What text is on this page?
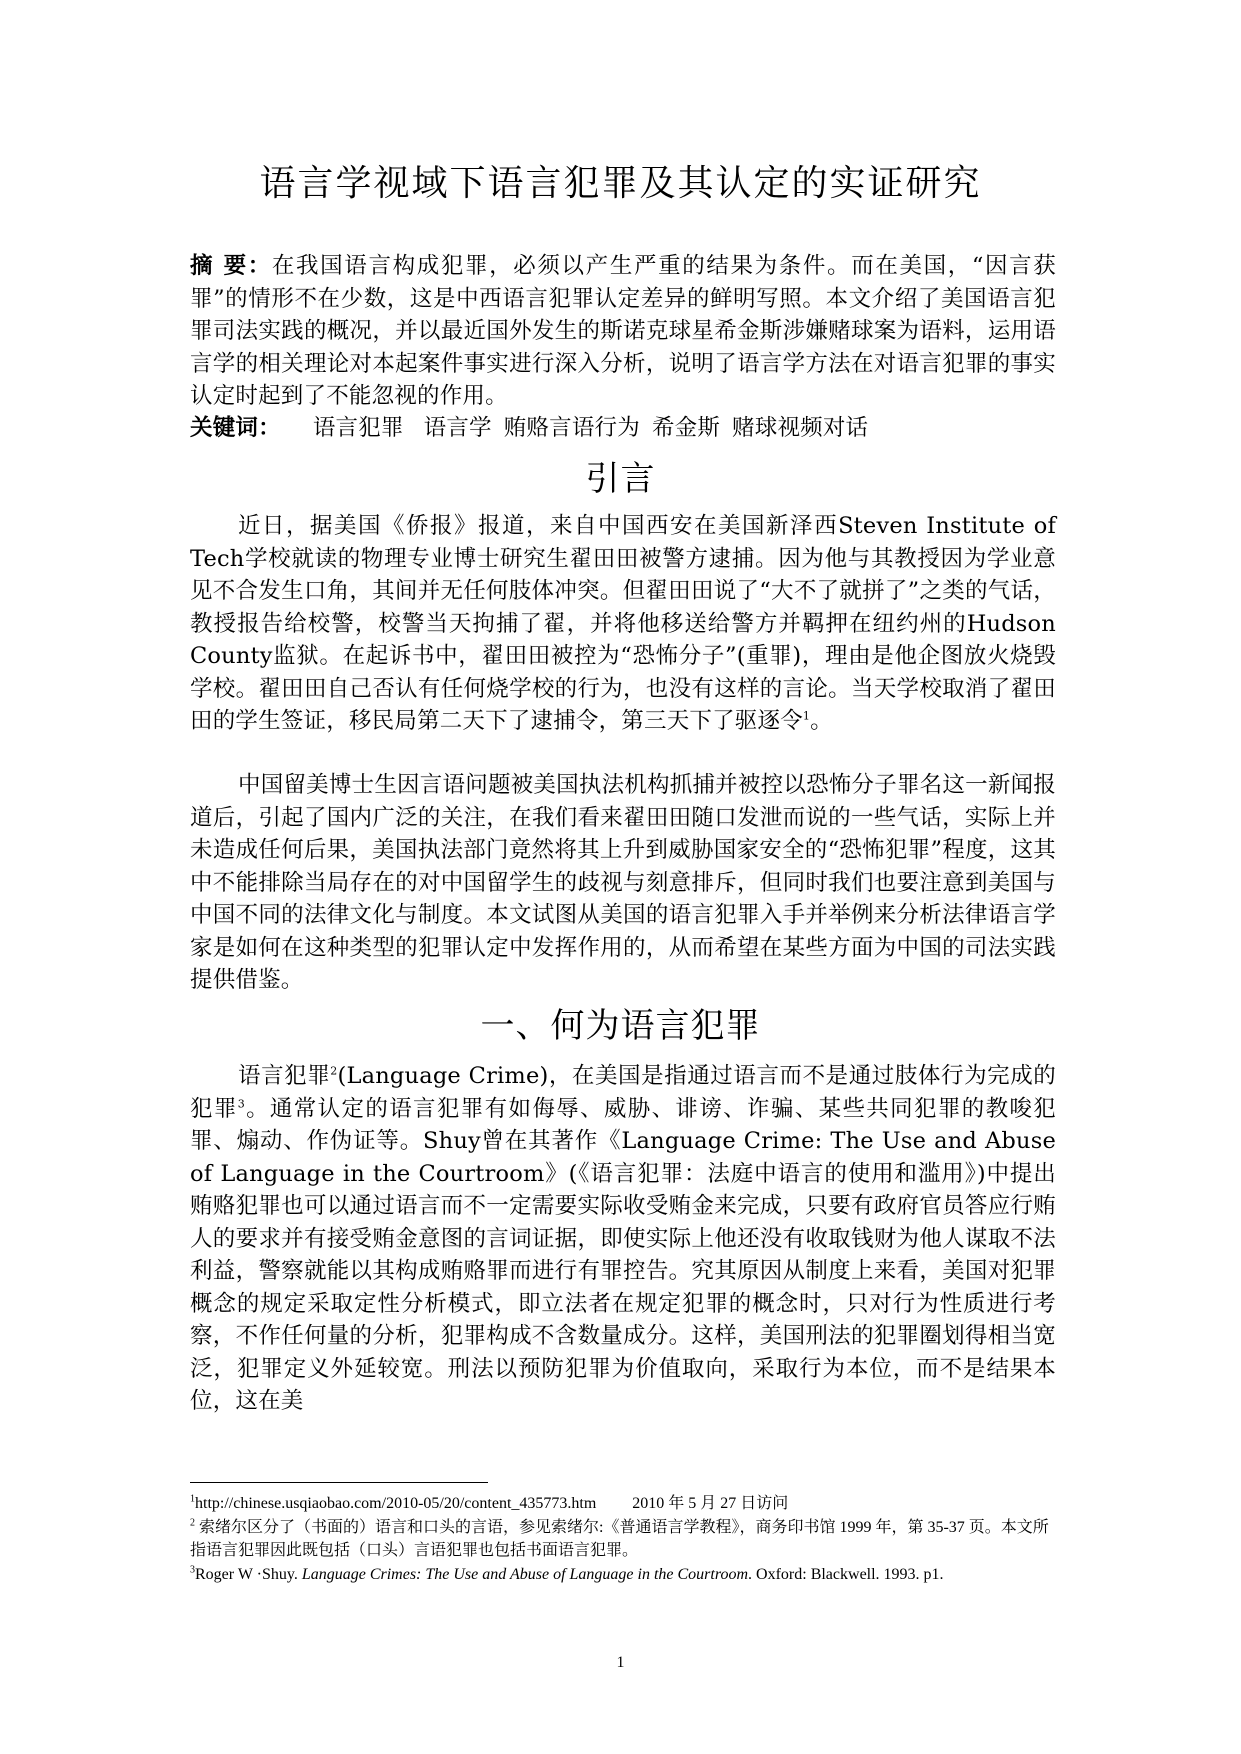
语言学视域下语言犯罪及其认定的实证研究

摘 要：在我国语言构成犯罪，必须以产生严重的结果为条件。而在美国，“因言获罪”的情形不在少数，这是中西语言犯罪认定差异的鲜明写照。本文介绍了美国语言犯罪司法实践的概况，并以最近国外发生的斯诺克球星希金斯涉嫌赌球案为语料，运用语言学的相关理论对本起案件事实进行深入分析，说明了语言学方法在对语言犯罪的事实认定时起到了不能忽视的作用。

关键词： 语言犯罪 语言学 贿赂言语行为 希金斯 赌球视频对话

引言

近日，据美国《侨报》报道，来自中国西安在美国新泽西Steven Institute of Tech学校就读的物理专业博士研究生翟田田被警方逮捕。因为他与其教授因为学业意见不合发生口角，其间并无任何肢体冲突。但翟田田说了“大不了就拼了”之类的气话，教授报告给校警，校警当天拘捕了翟，并将他移送给警方并羁押在纽约州的Hudson County监狱。在起诉书中，翟田田被控为“恐怖分子”(重罪)，理由是他企图放火烧毁学校。翟田田自己否认有任何烧学校的行为，也没有这样的言论。当天学校取消了翟田田的学生签证，移民局第二天下了逮捕令，第三天下了驱逐令$^1$。

中国留美博士生因言语问题被美国执法机构抓捕并被控以恐怖分子罪名这一新闻报道后，引起了国内广泛的关注，在我们看来翟田田随口发泄而说的一些气话，实际上并未造成任何后果，美国执法部门竟然将其上升到威胁国家安全的“恐怖犯罪”程度，这其中不能排除当局存在的对中国留学生的歧视与刻意排斥，但同时我们也要注意到美国与中国不同的法律文化与制度。本文试图从美国的语言犯罪入手并举例来分析法律语言学家是如何在这种类型的犯罪认定中发挥作用的，从而希望在某些方面为中国的司法实践提供借鉴。

一、何为语言犯罪

语言犯罪$^2$(Language Crime)，在美国是指通过语言而不是通过肢体行为完成的犯罪$^3$。通常认定的语言犯罪有如侮辱、威胁、诽谤、诈骗、某些共同犯罪的教唆犯罪、煽动、作伪证等。Shuy曾在其著作《Language Crime: The Use and Abuse of Language in the Courtroom》(《语言犯罪：法庭中语言的使用和滥用》)中提出贿赂犯罪也可以通过语言而不一定需要实际收受贿金来完成，只要有政府官员答应行贿人的要求并有接受贿金意图的言词证据，即使实际上他还没有收取钱财为他人谋取不法利益，警察就能以其构成贿赂罪而进行有罪控告。究其原因从制度上来看，美国对犯罪概念的规定采取定性分析模式，即立法者在规定犯罪的概念时，只对行为性质进行考察，不作任何量的分析，犯罪构成不含数量成分。这样，美国刑法的犯罪圈划得相当宽泛，犯罪定义外延较宽。刑法以预防犯罪为价值取向，采取行为本位，而不是结果本位，这在美

$^1$http://chinese.usqiaobao.com/2010-05/20/content_435773.htm 2010 年 5 月 27 日访问

$^2$ 索绪尔区分了（书面的）语言和口头的言语，参见索绪尔:《普通语言学教程》，商务印书馆 1999 年，第 35-37 页。本文所指语言犯罪因此既包括（口头）言语犯罪也包括书面语言犯罪。

$^3$Roger W ·Shuy. Language Crimes: The Use and Abuse of Language in the Courtroom. Oxford: Blackwell. 1993. p1.

1
